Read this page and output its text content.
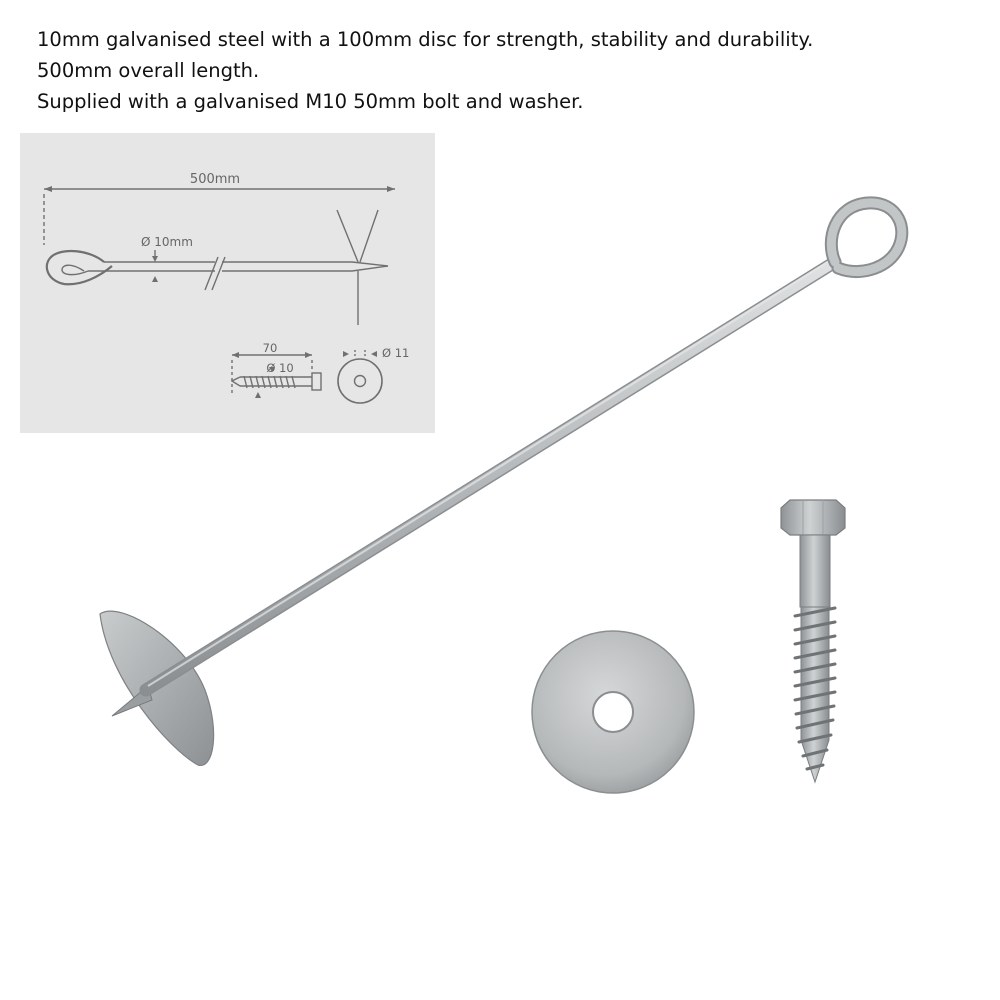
10mm galvanised steel with a 100mm disc for strength, stability and durability.
500mm overall length.
Supplied with a galvanised M10 50mm bolt and washer.
500mm
Ø 10mm
70
Ø 10
Ø 11
